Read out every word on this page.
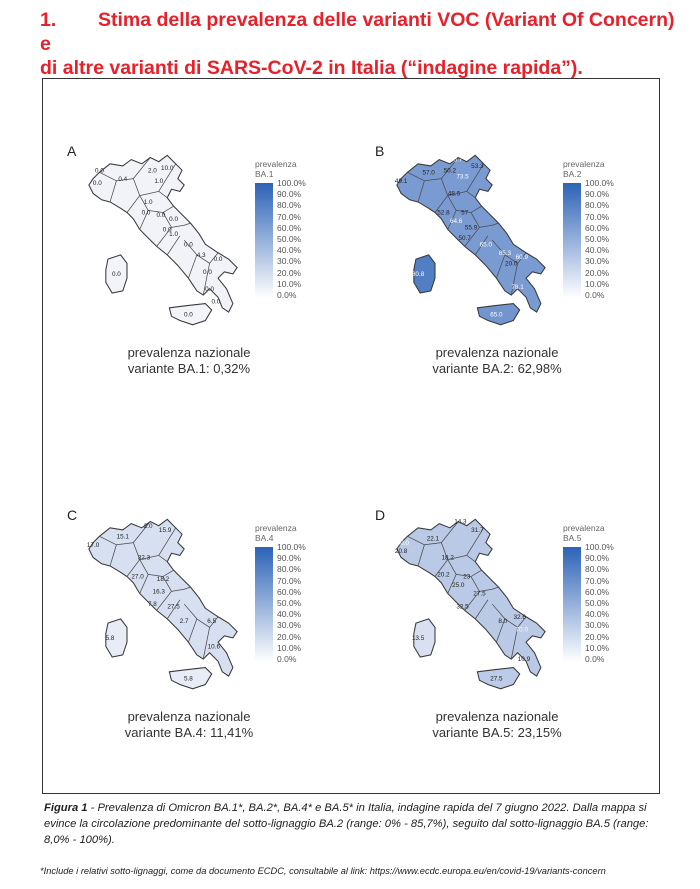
1. Stima della prevalenza delle varianti VOC (Variant Of Concern) e
di altre varianti di SARS-CoV-2 in Italia (“indagine rapida”).
A
0.0
0.0
0.4
2.0 10.0
1.0
1.0
0.0 0.0
0.0
0.0
1.0
0.0
4.3
0.0
0.0
0.0
0.0
0.0
0.0
prevalenza
BA.1
100.0%
90.0%
80.0%
70.0%
60.0%
50.0%
40.0%
30.0%
20.0%
10.0%
0.0%
prevalenza nazionale
variante BA.1: 0,32%
B
49.1
57.0
85.7
50.2
53.3
73.5
48.5
52.8 57
64.6
55.9
50.7
65.0
85.3
60.9
20.0
80.8
78.1
65.0
prevalenza
BA.2
100.0%
90.0%
80.0%
70.0%
60.0%
50.0%
40.0%
30.0%
20.0%
10.0%
0.0%
prevalenza nazionale
variante BA.2: 62,98%
C
17.0
15.1
2.0
15.9
32.3
27.0 18.2
16.3
7.8 27.5
2.7	6.5
5.8
10.6
5.8
prevalenza
BA.4
100.0%
90.0%
80.0%
70.0%
60.0%
50.0%
40.0%
30.0%
20.0%
10.0%
0.0%
prevalenza nazionale
variante BA.4: 11,41%
D
100.0
20.8
22.1
14.3
31.7
18.2
20.2 23
25.0
27.5
32.5
8.0
32.6
70.0
13.5
10.9
27.5
prevalenza
BA.5
100.0%
90.0%
80.0%
70.0%
60.0%
50.0%
40.0%
30.0%
20.0%
10.0%
0.0%
prevalenza nazionale
variante BA.5: 23,15%
Figura 1 - Prevalenza di Omicron BA.1*, BA.2*, BA.4* e BA.5* in Italia, indagine rapida del 7 giugno 2022. Dalla mappa si evince la circolazione predominante del sotto-lignaggio BA.2 (range: 0% - 85,7%), seguito dal sotto-lignaggio BA.5 (range: 8,0% - 100%).
*Include i relativi sotto-lignaggi, come da documento ECDC, consultabile al link: https://www.ecdc.europa.eu/en/covid-19/variants-concern
